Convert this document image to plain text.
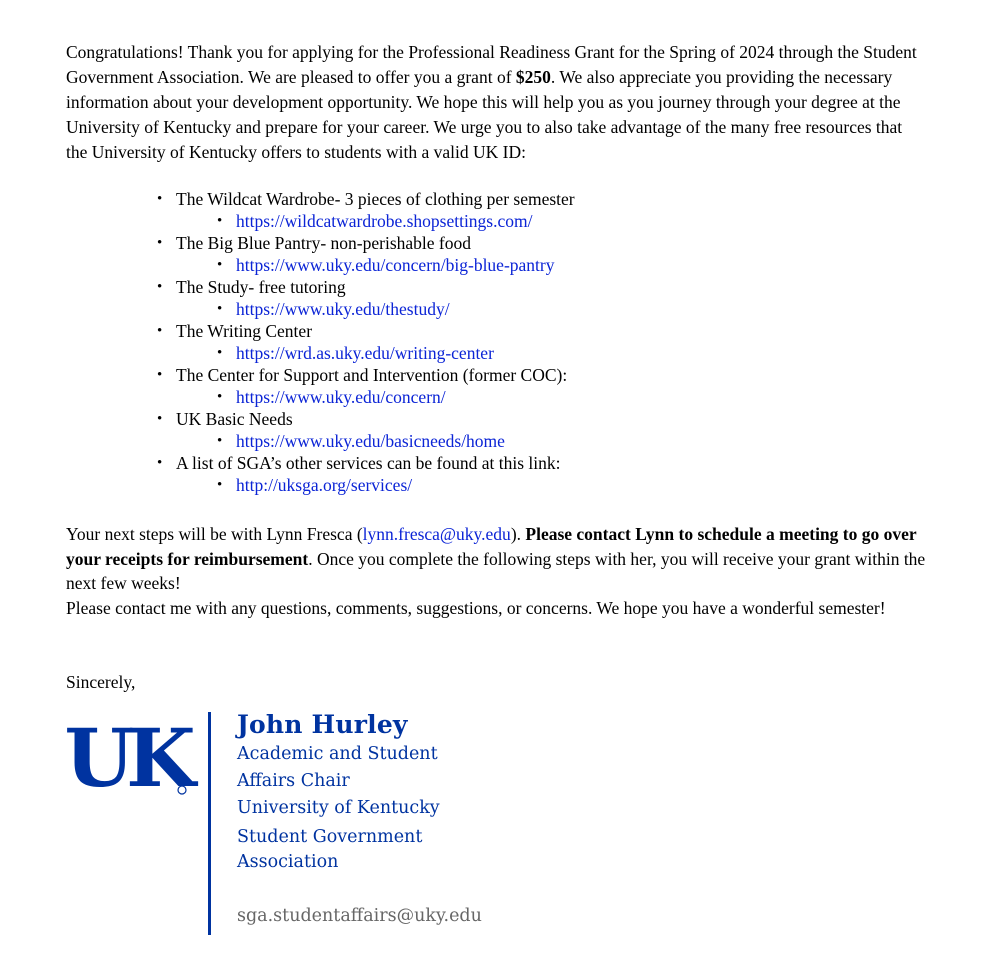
Congratulations! Thank you for applying for the Professional Readiness Grant for the Spring of 2024 through the Student Government Association. We are pleased to offer you a grant of $250. We also appreciate you providing the necessary information about your development opportunity. We hope this will help you as you journey through your degree at the University of Kentucky and prepare for your career. We urge you to also take advantage of the many free resources that the University of Kentucky offers to students with a valid UK ID:

• The Wildcat Wardrobe- 3 pieces of clothing per semester
• https://wildcatwardrobe.shopsettings.com/
• The Big Blue Pantry- non-perishable food
• https://www.uky.edu/concern/big-blue-pantry
• The Study- free tutoring
• https://www.uky.edu/thestudy/
• The Writing Center
• https://wrd.as.uky.edu/writing-center
• The Center for Support and Intervention (former COC):
• https://www.uky.edu/concern/
• UK Basic Needs
• https://www.uky.edu/basicneeds/home
• A list of SGA’s other services can be found at this link:
• http://uksga.org/services/

Your next steps will be with Lynn Fresca (lynn.fresca@uky.edu). Please contact Lynn to schedule a meeting to go over your receipts for reimbursement. Once you complete the following steps with her, you will receive your grant within the next few weeks!
Please contact me with any questions, comments, suggestions, or concerns. We hope you have a wonderful semester!

Sincerely,

UK	John Hurley
Academic and Student
Affairs Chair
University of Kentucky
Student Government
Association
sga.studentaffairs@uky.edu
